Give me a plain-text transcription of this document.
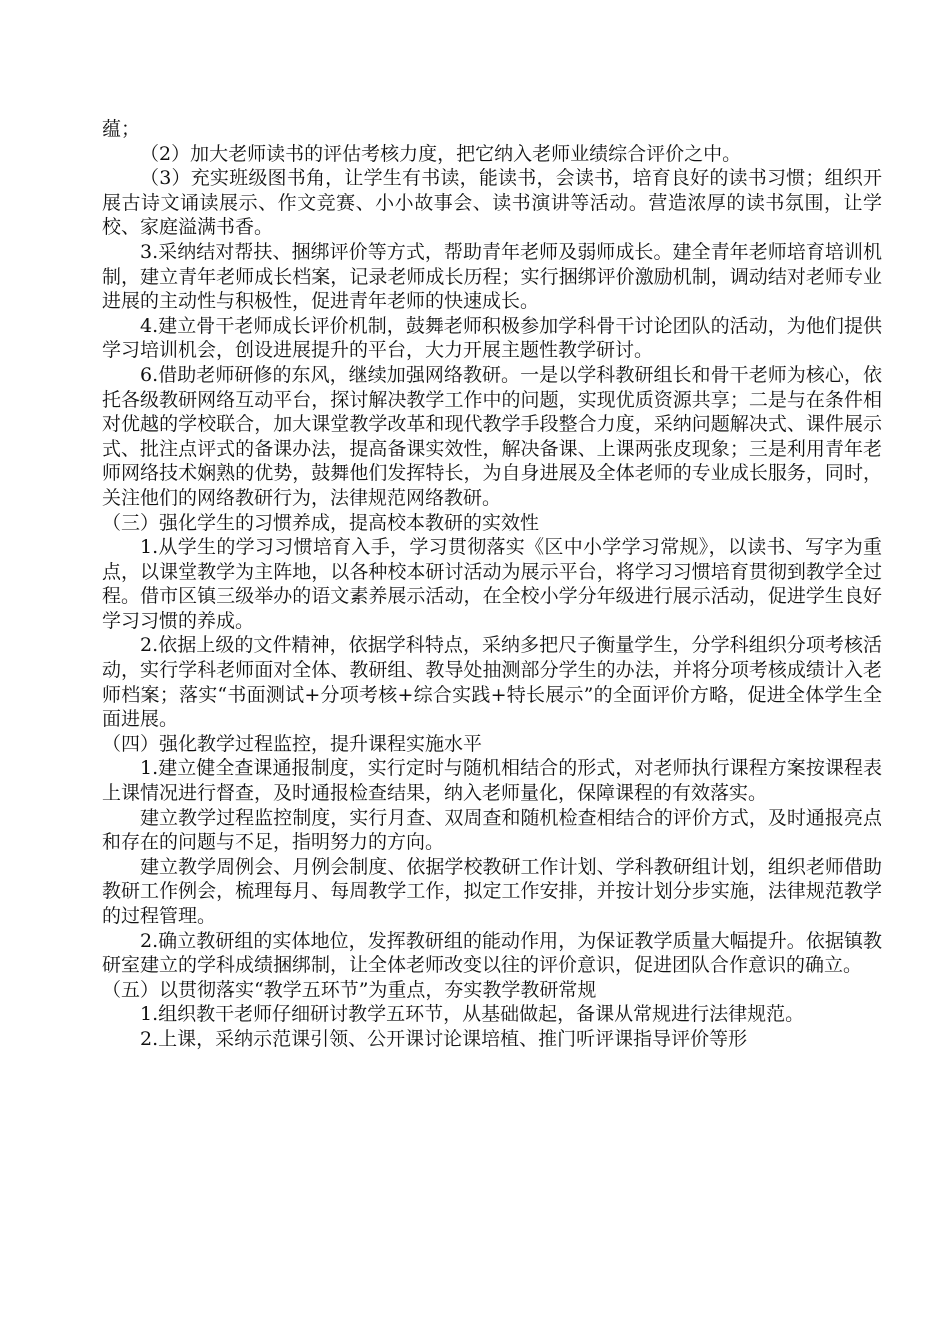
蕴；

（2）加大老师读书的评估考核力度，把它纳入老师业绩综合评价之中。

（3）充实班级图书角，让学生有书读，能读书，会读书，培育良好的读书习惯；组织开展古诗文诵读展示、作文竞赛、小小故事会、读书演讲等活动。营造浓厚的读书氛围，让学校、家庭溢满书香。

3.采纳结对帮扶、捆绑评价等方式，帮助青年老师及弱师成长。建全青年老师培育培训机制，建立青年老师成长档案，记录老师成长历程；实行捆绑评价激励机制，调动结对老师专业进展的主动性与积极性，促进青年老师的快速成长。

4.建立骨干老师成长评价机制，鼓舞老师积极参加学科骨干讨论团队的活动，为他们提供学习培训机会，创设进展提升的平台，大力开展主题性教学研讨。

6.借助老师研修的东风，继续加强网络教研。一是以学科教研组长和骨干老师为核心，依托各级教研网络互动平台，探讨解决教学工作中的问题，实现优质资源共享；二是与在条件相对优越的学校联合，加大课堂教学改革和现代教学手段整合力度，采纳问题解决式、课件展示式、批注点评式的备课办法，提高备课实效性，解决备课、上课两张皮现象；三是利用青年老师网络技术娴熟的优势，鼓舞他们发挥特长，为自身进展及全体老师的专业成长服务，同时，关注他们的网络教研行为，法律规范网络教研。

（三）强化学生的习惯养成，提高校本教研的实效性

1.从学生的学习习惯培育入手，学习贯彻落实《区中小学学习常规》，以读书、写字为重点，以课堂教学为主阵地，以各种校本研讨活动为展示平台，将学习习惯培育贯彻到教学全过程。借市区镇三级举办的语文素养展示活动，在全校小学分年级进行展示活动，促进学生良好学习习惯的养成。

2.依据上级的文件精神，依据学科特点，采纳多把尺子衡量学生，分学科组织分项考核活动，实行学科老师面对全体、教研组、教导处抽测部分学生的办法，并将分项考核成绩计入老师档案；落实“书面测试+分项考核+综合实践+特长展示”的全面评价方略，促进全体学生全面进展。

（四）强化教学过程监控，提升课程实施水平

1.建立健全查课通报制度，实行定时与随机相结合的形式，对老师执行课程方案按课程表上课情况进行督查，及时通报检查结果，纳入老师量化，保障课程的有效落实。

建立教学过程监控制度，实行月查、双周查和随机检查相结合的评价方式，及时通报亮点和存在的问题与不足，指明努力的方向。

建立教学周例会、月例会制度、依据学校教研工作计划、学科教研组计划，组织老师借助教研工作例会，梳理每月、每周教学工作，拟定工作安排，并按计划分步实施，法律规范教学的过程管理。

2.确立教研组的实体地位，发挥教研组的能动作用，为保证教学质量大幅提升。依据镇教研室建立的学科成绩捆绑制，让全体老师改变以往的评价意识，促进团队合作意识的确立。

（五）以贯彻落实“教学五环节”为重点，夯实教学教研常规

1.组织教干老师仔细研讨教学五环节，从基础做起，备课从常规进行法律规范。

2.上课，采纳示范课引领、公开课讨论课培植、推门听评课指导评价等形
